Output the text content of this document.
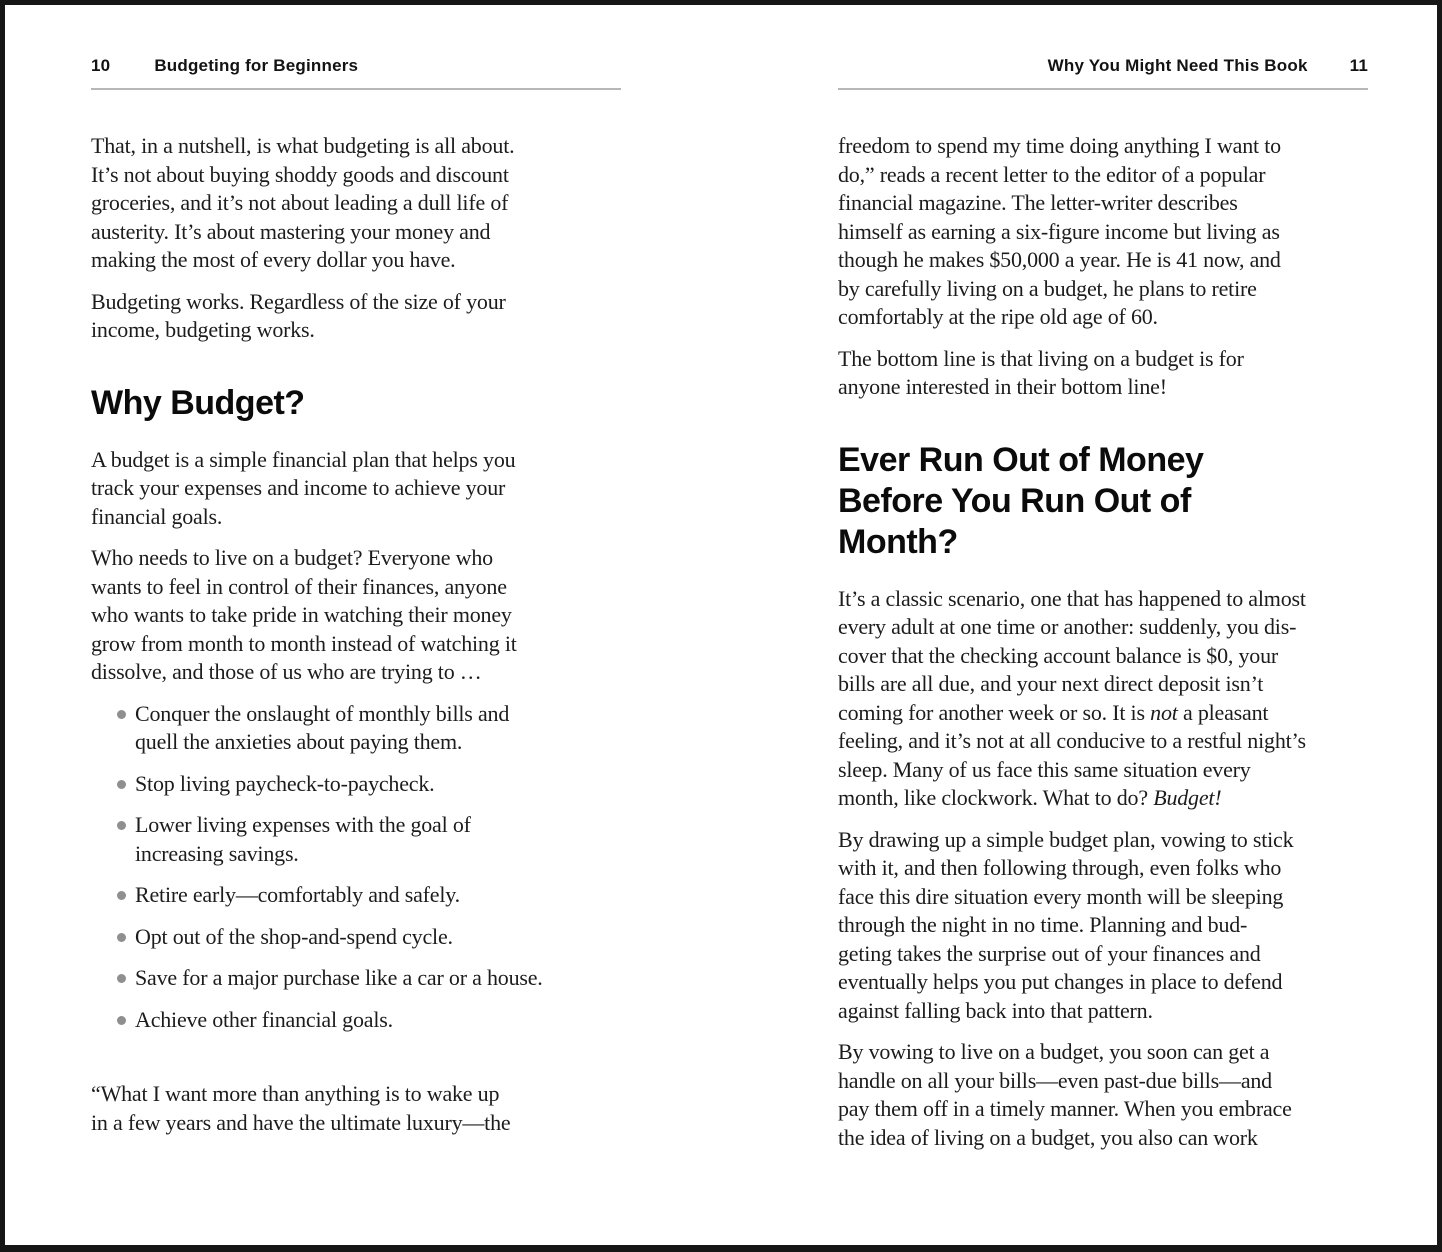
10	Budgeting for Beginners
That, in a nutshell, is what budgeting is all about.
It’s not about buying shoddy goods and discount
groceries, and it’s not about leading a dull life of
austerity. It’s about mastering your money and
making the most of every dollar you have.
Budgeting works. Regardless of the size of your
income, budgeting works.
Why Budget?
A budget is a simple financial plan that helps you
track your expenses and income to achieve your
financial goals.
Who needs to live on a budget? Everyone who
wants to feel in control of their finances, anyone
who wants to take pride in watching their money
grow from month to month instead of watching it
dissolve, and those of us who are trying to …
Conquer the onslaught of monthly bills and
quell the anxieties about paying them.
Stop living paycheck-to-paycheck.
Lower living expenses with the goal of
increasing savings.
Retire early—comfortably and safely.
Opt out of the shop-and-spend cycle.
Save for a major purchase like a car or a house.
Achieve other financial goals.
“What I want more than anything is to wake up
in a few years and have the ultimate luxury—the
Why You Might Need This Book 11
freedom to spend my time doing anything I want to
do,” reads a recent letter to the editor of a popular
financial magazine. The letter-writer describes
himself as earning a six-figure income but living as
though he makes $50,000 a year. He is 41 now, and
by carefully living on a budget, he plans to retire
comfortably at the ripe old age of 60.
The bottom line is that living on a budget is for
anyone interested in their bottom line!
Ever Run Out of Money
Before You Run Out of
Month?
It’s a classic scenario, one that has happened to almost
every adult at one time or another: suddenly, you dis-
cover that the checking account balance is $0, your
bills are all due, and your next direct deposit isn’t
coming for another week or so. It is not a pleasant
feeling, and it’s not at all conducive to a restful night’s
sleep. Many of us face this same situation every
month, like clockwork. What to do? Budget!
By drawing up a simple budget plan, vowing to stick
with it, and then following through, even folks who
face this dire situation every month will be sleeping
through the night in no time. Planning and bud-
geting takes the surprise out of your finances and
eventually helps you put changes in place to defend
against falling back into that pattern.
By vowing to live on a budget, you soon can get a
handle on all your bills—even past-due bills—and
pay them off in a timely manner. When you embrace
the idea of living on a budget, you also can work
